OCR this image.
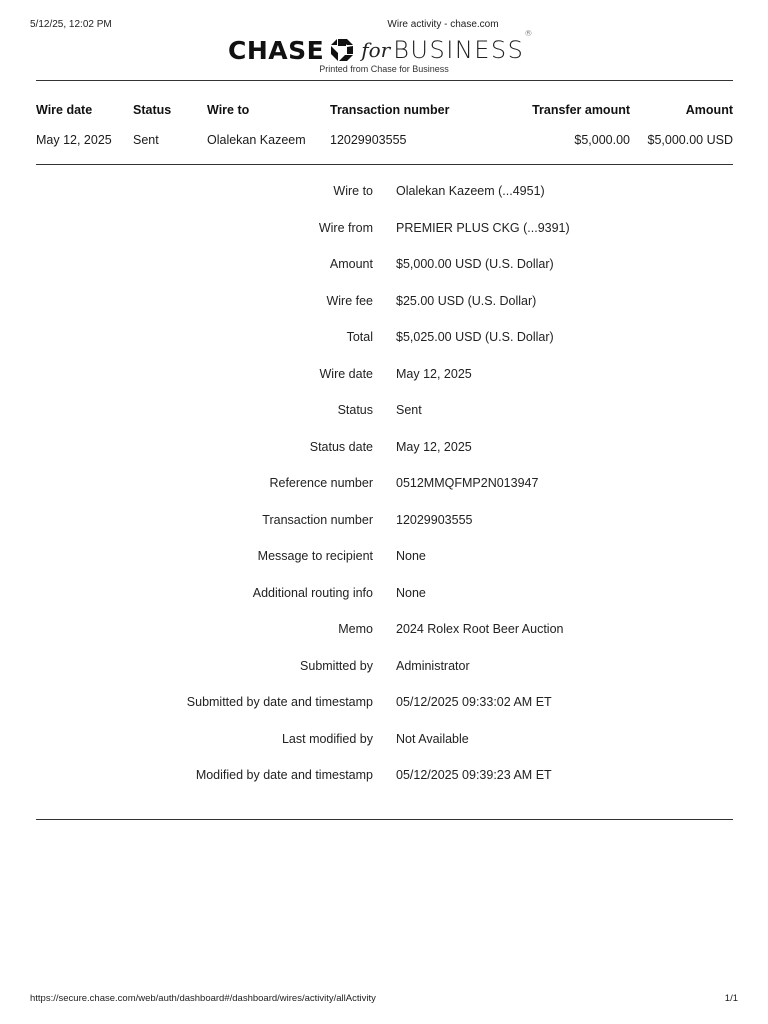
5/12/25, 12:02 PM	Wire activity - chase.com
CHASE for BUSINESS®
Printed from Chase for Business
Wire date	Status	Wire to	Transaction number	Transfer amount	Amount
May 12, 2025 Sent	Olalekan Kazeem 12029903555	$5,000.00 $5,000.00 USD
Wire to Olalekan Kazeem (...4951)
Wire from PREMIER PLUS CKG (...9391)
Amount $5,000.00 USD (U.S. Dollar)
Wire fee $25.00 USD (U.S. Dollar)
Total $5,025.00 USD (U.S. Dollar)
Wire date May 12, 2025
Status Sent
Status date May 12, 2025
Reference number 0512MMQFMP2N013947
Transaction number 12029903555
Message to recipient None
Additional routing info None
Memo 2024 Rolex Root Beer Auction
Submitted by Administrator
Submitted by date and timestamp 05/12/2025 09:33:02 AM ET
Last modified by Not Available
Modified by date and timestamp 05/12/2025 09:39:23 AM ET
https://secure.chase.com/web/auth/dashboard#/dashboard/wires/activity/allActivity	1/1
